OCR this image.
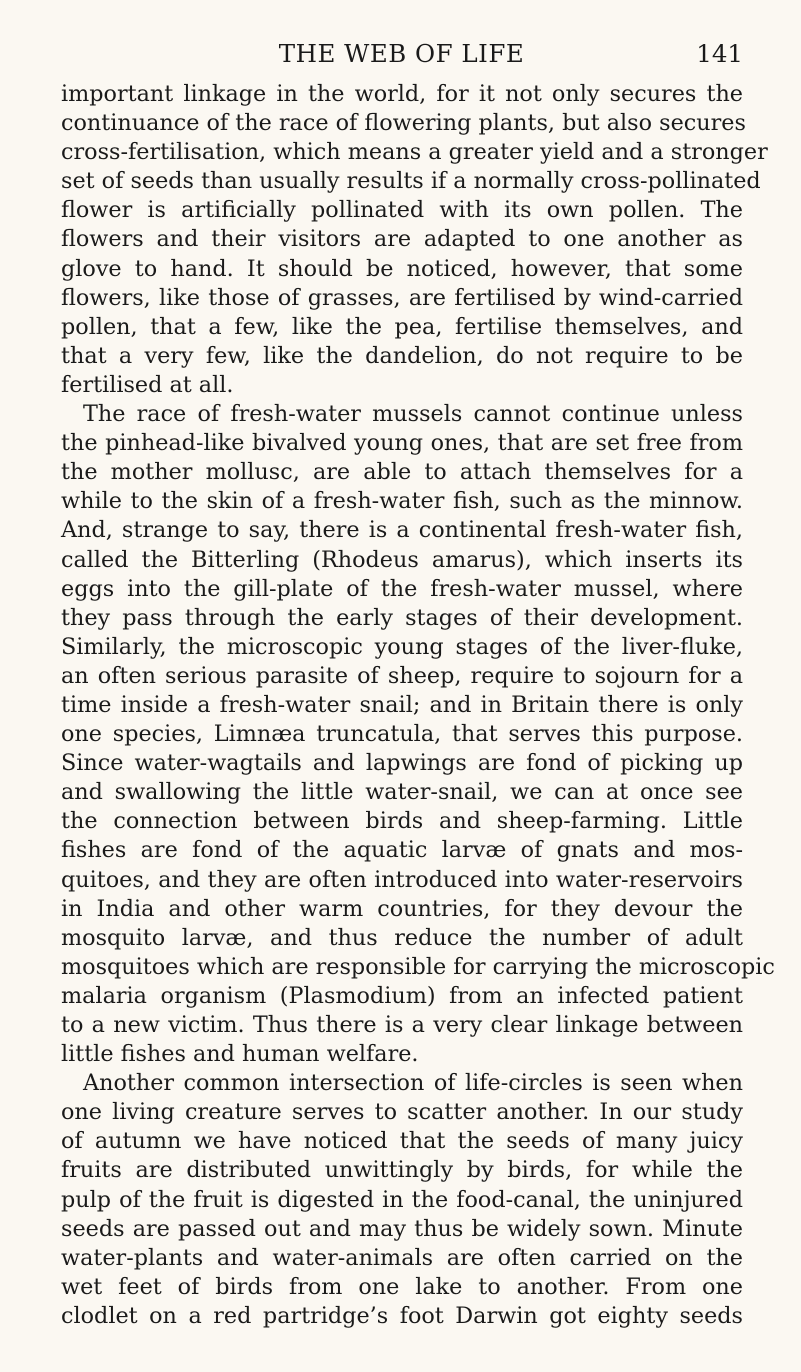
THE WEB OF LIFE	141
important linkage in the world, for it not only secures the
continuance of the race of flowering plants, but also secures
cross-fertilisation, which means a greater yield and a stronger
set of seeds than usually results if a normally cross-pollinated
flower is artificially pollinated with its own pollen. The
flowers and their visitors are adapted to one another as
glove to hand. It should be noticed, however, that some
flowers, like those of grasses, are fertilised by wind-carried
pollen, that a few, like the pea, fertilise themselves, and
that a very few, like the dandelion, do not require to be
fertilised at all.
The race of fresh-water mussels cannot continue unless
the pinhead-like bivalved young ones, that are set free from
the mother mollusc, are able to attach themselves for a
while to the skin of a fresh-water fish, such as the minnow.
And, strange to say, there is a continental fresh-water fish,
called the Bitterling (Rhodeus amarus), which inserts its
eggs into the gill-plate of the fresh-water mussel, where
they pass through the early stages of their development.
Similarly, the microscopic young stages of the liver-fluke,
an often serious parasite of sheep, require to sojourn for a
time inside a fresh-water snail; and in Britain there is only
one species, Limnæa truncatula, that serves this purpose.
Since water-wagtails and lapwings are fond of picking up
and swallowing the little water-snail, we can at once see
the connection between birds and sheep-farming. Little
fishes are fond of the aquatic larvæ of gnats and mos-
quitoes, and they are often introduced into water-reservoirs
in India and other warm countries, for they devour the
mosquito larvæ, and thus reduce the number of adult
mosquitoes which are responsible for carrying the microscopic
malaria organism (Plasmodium) from an infected patient
to a new victim. Thus there is a very clear linkage between
little fishes and human welfare.
Another common intersection of life-circles is seen when
one living creature serves to scatter another. In our study
of autumn we have noticed that the seeds of many juicy
fruits are distributed unwittingly by birds, for while the
pulp of the fruit is digested in the food-canal, the uninjured
seeds are passed out and may thus be widely sown. Minute
water-plants and water-animals are often carried on the
wet feet of birds from one lake to another. From one
clodlet on a red partridge’s foot Darwin got eighty seeds
